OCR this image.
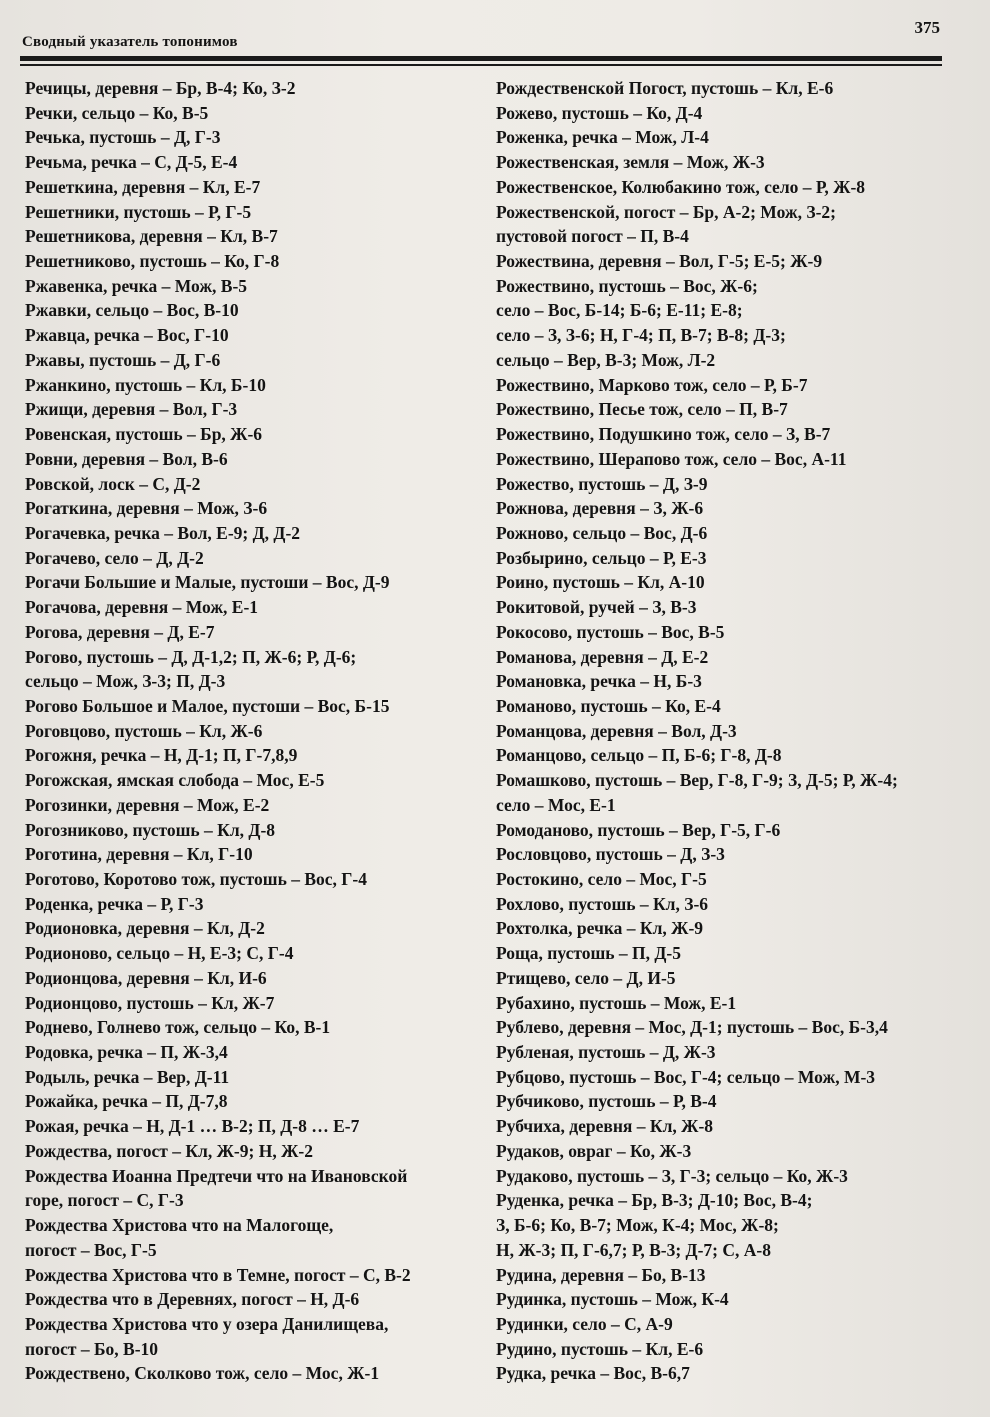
Сводный указатель топонимов
375
Речицы, деревня – Бр, В-4; Ко, З-2
Речки, сельцо – Ко, В-5
Речька, пустошь – Д, Г-3
Речьма, речка – С, Д-5, Е-4
Решеткина, деревня – Кл, Е-7
Решетники, пустошь – Р, Г-5
Решетникова, деревня – Кл, В-7
Решетниково, пустошь – Ко, Г-8
Ржавенка, речка – Мож, В-5
Ржавки, сельцо – Вос, В-10
Ржавца, речка – Вос, Г-10
Ржавы, пустошь – Д, Г-6
Ржанкино, пустошь – Кл, Б-10
Ржищи, деревня – Вол, Г-3
Ровенская, пустошь – Бр, Ж-6
Ровни, деревня – Вол, В-6
Ровской, лоск – С, Д-2
Рогаткина, деревня – Мож, З-6
Рогачевка, речка – Вол, Е-9; Д, Д-2
Рогачево, село – Д, Д-2
Рогачи Большие и Малые, пустоши – Вос, Д-9
Рогачова, деревня – Мож, Е-1
Рогова, деревня – Д, Е-7
Рогово, пустошь – Д, Д-1,2; П, Ж-6; Р, Д-6;
сельцо – Мож, З-3; П, Д-3
Рогово Большое и Малое, пустоши – Вос, Б-15
Роговцово, пустошь – Кл, Ж-6
Рогожня, речка – Н, Д-1; П, Г-7,8,9
Рогожская, ямская слобода – Мос, Е-5
Рогозинки, деревня – Мож, Е-2
Рогозниково, пустошь – Кл, Д-8
Роготина, деревня – Кл, Г-10
Роготово, Коротово тож, пустошь – Вос, Г-4
Роденка, речка – Р, Г-3
Родионовка, деревня – Кл, Д-2
Родионово, сельцо – Н, Е-3; С, Г-4
Родионцова, деревня – Кл, И-6
Родионцово, пустошь – Кл, Ж-7
Роднево, Голнево тож, сельцо – Ко, В-1
Родовка, речка – П, Ж-3,4
Родыль, речка – Вер, Д-11
Рожайка, речка – П, Д-7,8
Рожая, речка – Н, Д-1 … В-2; П, Д-8 … Е-7
Рождества, погост – Кл, Ж-9; Н, Ж-2
Рождества Иоанна Предтечи что на Ивановской
горе, погост – С, Г-3
Рождества Христова что на Малогоще,
погост – Вос, Г-5
Рождества Христова что в Темне, погост – С, В-2
Рождества что в Деревнях, погост – Н, Д-6
Рождества Христова что у озера Данилищева,
погост – Бо, В-10
Рождествено, Сколково тож, село – Мос, Ж-1
Рождественской Погост, пустошь – Кл, Е-6
Рожево, пустошь – Ко, Д-4
Роженка, речка – Мож, Л-4
Рожественская, земля – Мож, Ж-3
Рожественское, Колюбакино тож, село – Р, Ж-8
Рожественской, погост – Бр, А-2; Мож, З-2;
пустовой погост – П, В-4
Рожествина, деревня – Вол, Г-5; Е-5; Ж-9
Рожествино, пустошь – Вос, Ж-6;
село – Вос, Б-14; Б-6; Е-11; Е-8;
село – З, З-6; Н, Г-4; П, В-7; В-8; Д-3;
сельцо – Вер, В-3; Мож, Л-2
Рожествино, Марково тож, село – Р, Б-7
Рожествино, Песье тож, село – П, В-7
Рожествино, Подушкино тож, село – З, В-7
Рожествино, Шерапово тож, село – Вос, А-11
Рожество, пустошь – Д, З-9
Рожнова, деревня – З, Ж-6
Рожново, сельцо – Вос, Д-6
Розбырино, сельцо – Р, Е-3
Роино, пустошь – Кл, А-10
Рокитовой, ручей – З, В-3
Рокосово, пустошь – Вос, В-5
Романова, деревня – Д, Е-2
Романовка, речка – Н, Б-3
Романово, пустошь – Ко, Е-4
Романцова, деревня – Вол, Д-3
Романцово, сельцо – П, Б-6; Г-8, Д-8
Ромашково, пустошь – Вер, Г-8, Г-9; З, Д-5; Р, Ж-4;
село – Мос, Е-1
Ромоданово, пустошь – Вер, Г-5, Г-6
Рословцово, пустошь – Д, З-3
Ростокино, село – Мос, Г-5
Рохлово, пустошь – Кл, З-6
Рохтолка, речка – Кл, Ж-9
Роща, пустошь – П, Д-5
Ртищево, село – Д, И-5
Рубахино, пустошь – Мож, Е-1
Рублево, деревня – Мос, Д-1; пустошь – Вос, Б-3,4
Рубленая, пустошь – Д, Ж-3
Рубцово, пустошь – Вос, Г-4; сельцо – Мож, М-3
Рубчиково, пустошь – Р, В-4
Рубчиха, деревня – Кл, Ж-8
Рудаков, овраг – Ко, Ж-3
Рудаково, пустошь – З, Г-3; сельцо – Ко, Ж-3
Руденка, речка – Бр, В-3; Д-10; Вос, В-4;
З, Б-6; Ко, В-7; Мож, К-4; Мос, Ж-8;
Н, Ж-3; П, Г-6,7; Р, В-3; Д-7; С, А-8
Рудина, деревня – Бо, В-13
Рудинка, пустошь – Мож, К-4
Рудинки, село – С, А-9
Рудино, пустошь – Кл, Е-6
Рудка, речка – Вос, В-6,7
